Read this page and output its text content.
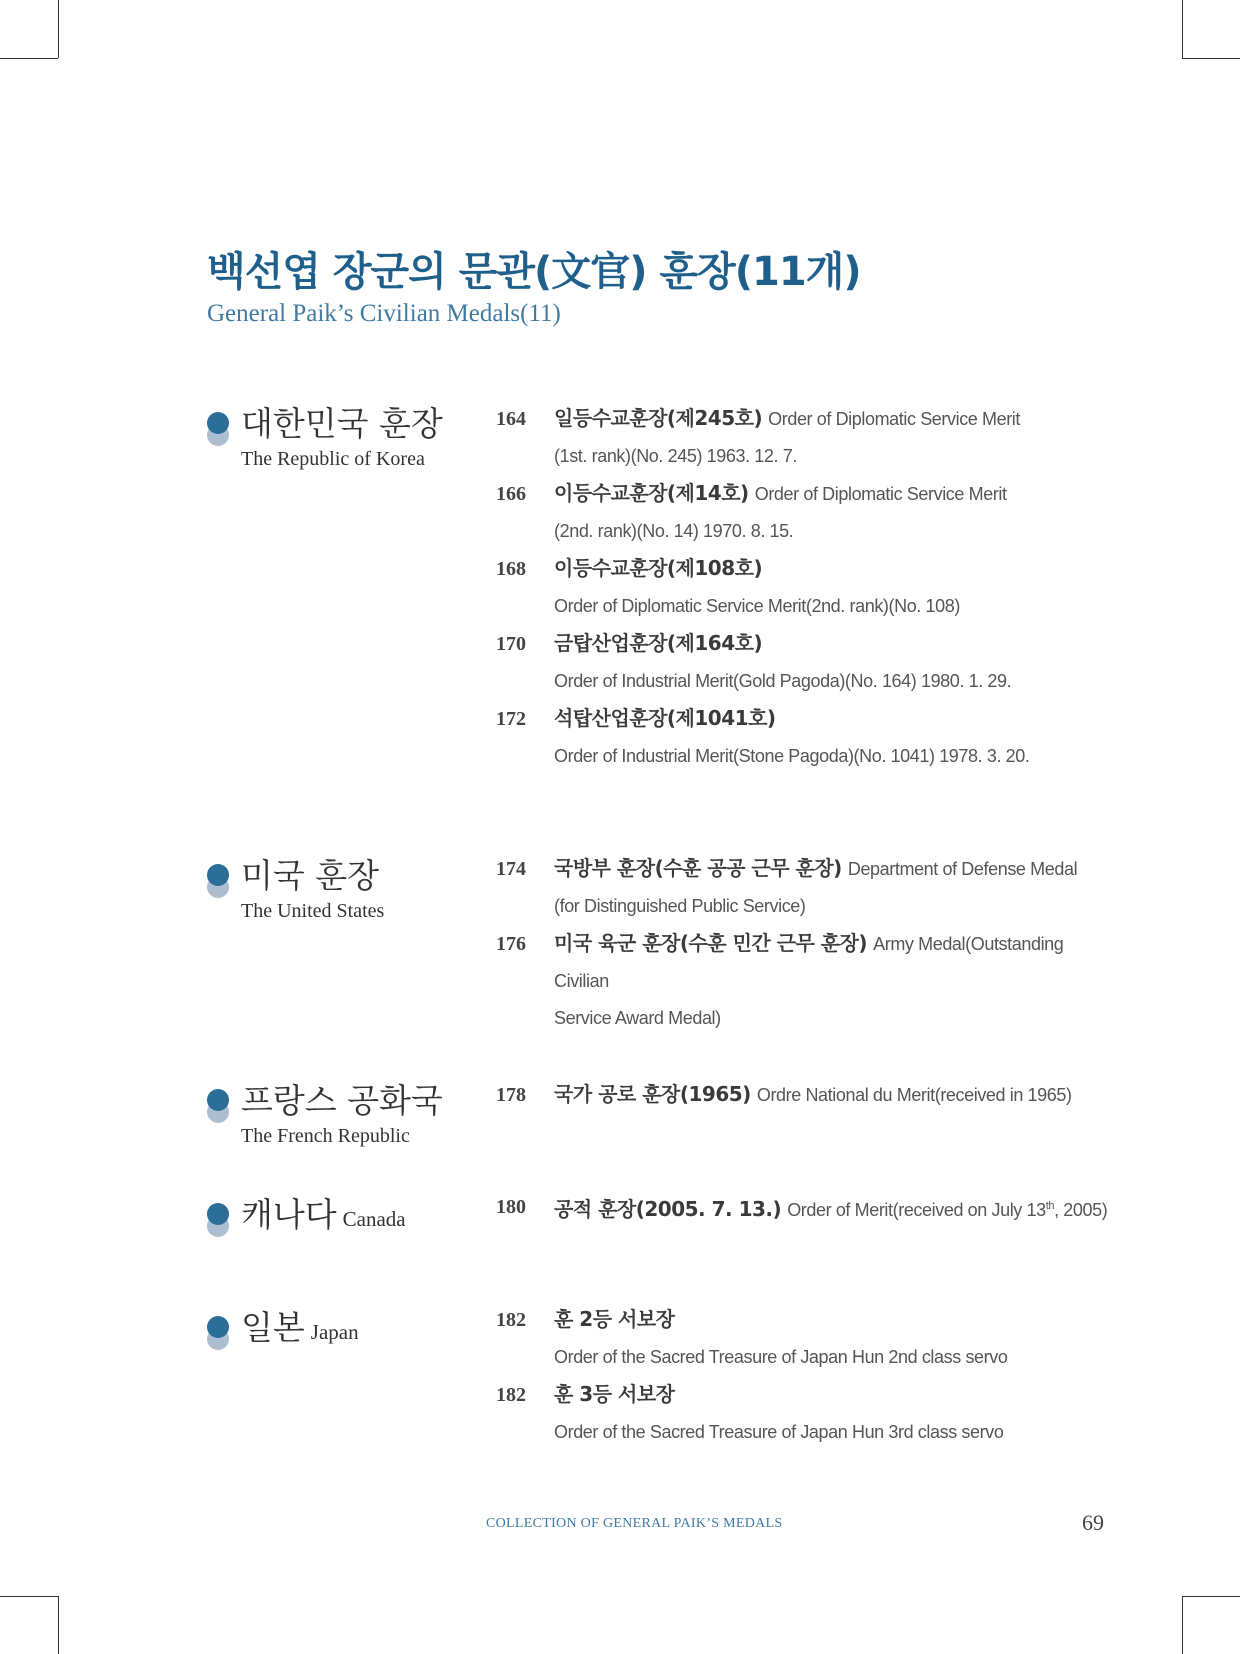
백선엽 장군의 문관(文官) 훈장(11개)
General Paik’s Civilian Medals(11)
대한민국 훈장
The Republic of Korea
164 일등수교훈장(제245호) Order of Diplomatic Service Merit
(1st. rank)(No. 245) 1963. 12. 7.
166 이등수교훈장(제14호) Order of Diplomatic Service Merit
(2nd. rank)(No. 14) 1970. 8. 15.
168 이등수교훈장(제108호)
Order of Diplomatic Service Merit(2nd. rank)(No. 108)
170 금탑산업훈장(제164호)
Order of Industrial Merit(Gold Pagoda)(No. 164) 1980. 1. 29.
172 석탑산업훈장(제1041호)
Order of Industrial Merit(Stone Pagoda)(No. 1041) 1978. 3. 20.
미국 훈장
The United States
174 국방부 훈장(수훈 공공 근무 훈장) Department of Defense Medal
(for Distinguished Public Service)
176 미국 육군 훈장(수훈 민간 근무 훈장) Army Medal(Outstanding Civilian
Service Award Medal)
프랑스 공화국
The French Republic
178 국가 공로 훈장(1965) Ordre National du Merit(received in 1965)
캐나다 Canada	180 공적 훈장(2005. 7. 13.) Order of Merit(received on July 13th, 2005)
일본 Japan	182 훈 2등 서보장
Order of the Sacred Treasure of Japan Hun 2nd class servo
182 훈 3등 서보장
Order of the Sacred Treasure of Japan Hun 3rd class servo
COLLECTION OF GENERAL PAIK’S MEDALS	69
